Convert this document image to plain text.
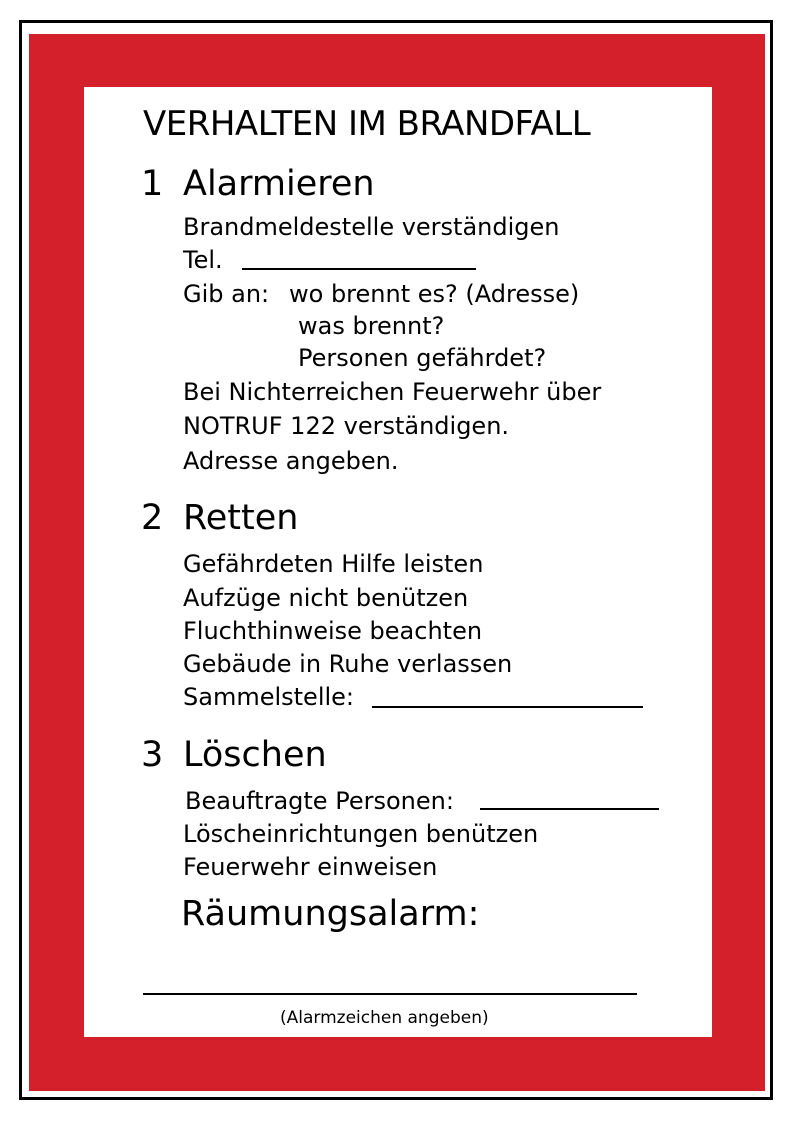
VERHALTEN IM BRANDFALL
1 Alarmieren
Brandmeldestelle verständigen
Tel.
Gib an: wo brennt es? (Adresse)
was brennt?
Personen gefährdet?
Bei Nichterreichen Feuerwehr über
NOTRUF 122 verständigen.
Adresse angeben.
2 Retten
Gefährdeten Hilfe leisten
Aufzüge nicht benützen
Fluchthinweise beachten
Gebäude in Ruhe verlassen
Sammelstelle:
3 Löschen
Beauftragte Personen:
Löscheinrichtungen benützen
Feuerwehr einweisen
Räumungsalarm:
(Alarmzeichen angeben)
